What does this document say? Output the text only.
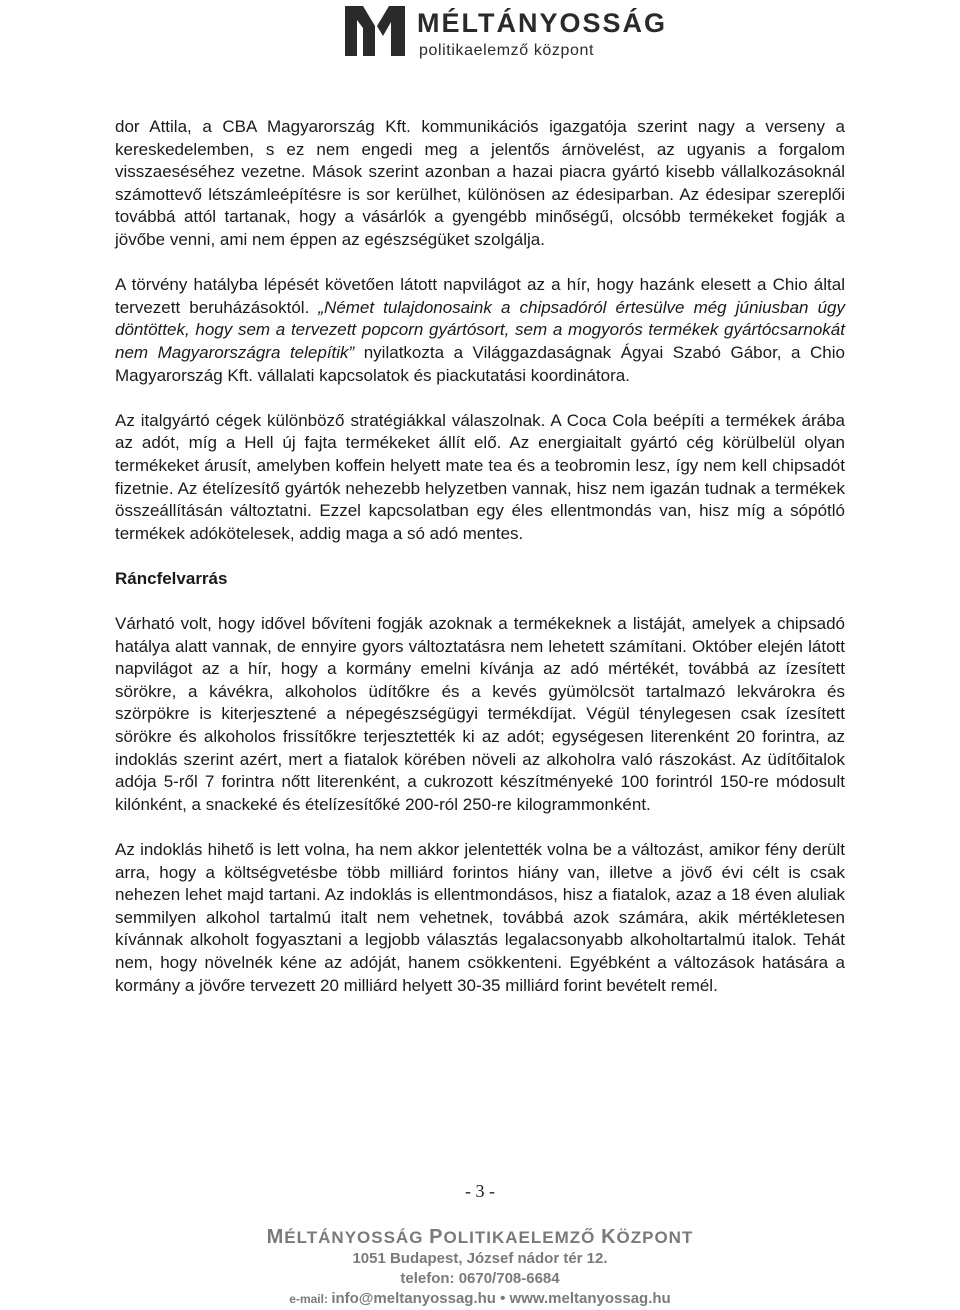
MÉLTÁNYOSSÁG
politikaelemző központ

dor Attila, a CBA Magyarország Kft. kommunikációs igazgatója szerint nagy a verseny a kereskedelemben, s ez nem engedi meg a jelentős árnövelést, az ugyanis a forgalom visszaeséséhez vezetne. Mások szerint azonban a hazai piacra gyártó kisebb vállalkozásoknál számottevő létszámleépítésre is sor kerülhet, különösen az édesiparban. Az édesipar szereplői továbbá attól tartanak, hogy a vásárlók a gyengébb minőségű, olcsóbb termékeket fogják a jövőbe venni, ami nem éppen az egészségüket szolgálja.

A törvény hatályba lépését követően látott napvilágot az a hír, hogy hazánk elesett a Chio által tervezett beruházásoktól. „Német tulajdonosaink a chipsadóról értesülve még júniusban úgy döntöttek, hogy sem a tervezett popcorn gyártósort, sem a mogyorós termékek gyártócsarnokát nem Magyarországra telepítik” nyilatkozta a Világgazdaságnak Ágyai Szabó Gábor, a Chio Magyarország Kft. vállalati kapcsolatok és piackutatási koordinátora.

Az italgyártó cégek különböző stratégiákkal válaszolnak. A Coca Cola beépíti a termékek árába az adót, míg a Hell új fajta termékeket állít elő. Az energiaitalt gyártó cég körülbelül olyan termékeket árusít, amelyben koffein helyett mate tea és a teobromin lesz, így nem kell chipsadót fizetnie. Az ételízesítő gyártók nehezebb helyzetben vannak, hisz nem igazán tudnak a termékek összeállításán változtatni. Ezzel kapcsolatban egy éles ellentmondás van, hisz míg a sópótló termékek adókötelesek, addig maga a só adó mentes.

Ráncfelvarrás

Várható volt, hogy idővel bővíteni fogják azoknak a termékeknek a listáját, amelyek a chipsadó hatálya alatt vannak, de ennyire gyors változtatásra nem lehetett számítani. Október elején látott napvilágot az a hír, hogy a kormány emelni kívánja az adó mértékét, továbbá az ízesített sörökre, a kávékra, alkoholos üdítőkre és a kevés gyümölcsöt tartalmazó lekvárokra és szörpökre is kiterjesztené a népegészségügyi termékdíjat. Végül ténylegesen csak ízesített sörökre és alkoholos frissítőkre terjesztették ki az adót; egységesen literenként 20 forintra, az indoklás szerint azért, mert a fiatalok körében növeli az alkoholra való rászokást. Az üdítőitalok adója 5-ről 7 forintra nőtt literenként, a cukrozott készítményeké 100 forintról 150-re módosult kilónként, a snackeké és ételízesítőké 200-ról 250-re kilogrammonként.

Az indoklás hihető is lett volna, ha nem akkor jelentették volna be a változást, amikor fény derült arra, hogy a költségvetésbe több milliárd forintos hiány van, illetve a jövő évi célt is csak nehezen lehet majd tartani. Az indoklás is ellentmondásos, hisz a fiatalok, azaz a 18 éven aluliak semmilyen alkohol tartalmú italt nem vehetnek, továbbá azok számára, akik mértékletesen kívánnak alkoholt fogyasztani a legjobb választás legalacsonyabb alkoholtartalmú italok. Tehát nem, hogy növelnék kéne az adóját, hanem csökkenteni. Egyébként a változások hatására a kormány a jövőre tervezett 20 milliárd helyett 30-35 milliárd forint bevételt remél.

- 3 -
MÉLTÁNYOSSÁG POLITIKAELEMZŐ KÖZPONT
1051 Budapest, József nádor tér 12.
telefon: 0670/708-6684
e-mail: info@meltanyossag.hu • www.meltanyossag.hu
